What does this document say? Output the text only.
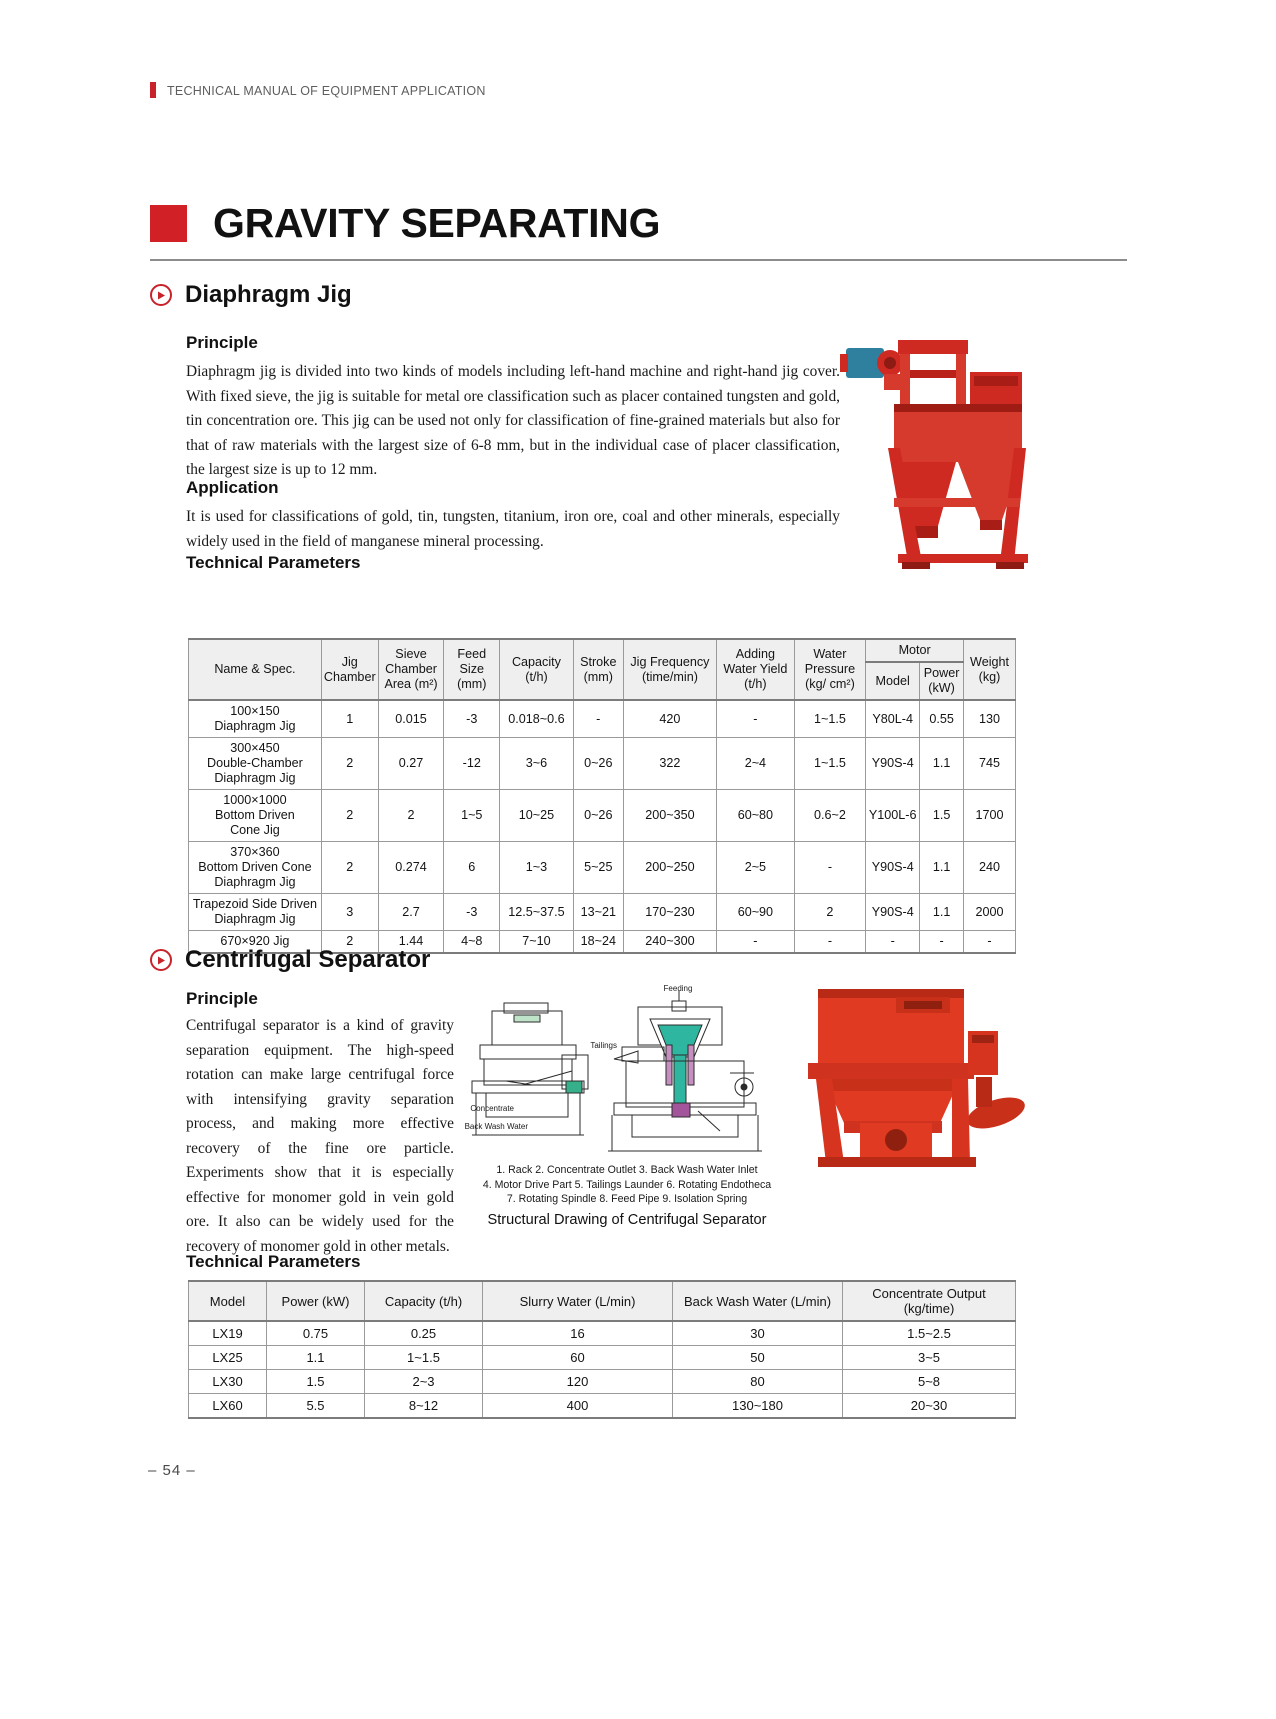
TECHNICAL MANUAL OF EQUIPMENT APPLICATION
GRAVITY SEPARATING
Diaphragm Jig
Principle
Diaphragm jig is divided into two kinds of models including left-hand machine and right-hand jig cover. With fixed sieve, the jig is suitable for metal ore classification such as placer contained tungsten and gold, tin concentration ore. This jig can be used not only for classification of fine-grained materials but also for that of raw materials with the largest size of 6-8 mm, but in the individual case of placer classification, the largest size is up to 12 mm.
Application
It is used for classifications of gold, tin, tungsten, titanium, iron ore, coal and other minerals, especially widely used in the field of manganese mineral processing.
Technical Parameters
Name & Spec.	Jig Chamber	Sieve Chamber Area (m²)	Feed Size (mm)	Capacity (t/h)	Stroke (mm)	Jig Frequency (time/min)	Adding Water Yield (t/h)	Water Pressure (kg/ cm²)	Motor		Weight (kg)
									Model	Power (kW)	
100×150
Diaphragm Jig	1	0.015	-3	0.018~0.6	-	420	-	1~1.5	Y80L-4	0.55	130
300×450
Double-Chamber
Diaphragm Jig	2	0.27	-12	3~6	0~26	322	2~4	1~1.5	Y90S-4	1.1	745
1000×1000
Bottom Driven
Cone Jig	2	2	1~5	10~25	0~26	200~350	60~80	0.6~2	Y100L-6	1.5	1700
370×360
Bottom Driven Cone
Diaphragm Jig	2	0.274	6	1~3	5~25	200~250	2~5	-	Y90S-4	1.1	240
Trapezoid Side Driven
Diaphragm Jig	3	2.7	-3	12.5~37.5	13~21	170~230	60~90	2	Y90S-4	1.1	2000
670×920 Jig	2	1.44	4~8	7~10	18~24	240~300	-	-	-	-	-
Centrifugal Separator
Principle
Centrifugal separator is a kind of gravity separation equipment. The high-speed rotation can make large centrifugal force with intensifying gravity separation process, and making more effective recovery of the fine ore particle. Experiments show that it is especially effective for monomer gold in vein gold ore. It also can be widely used for the recovery of monomer gold in other metals.
Feeding
Tailings
Concentrate
Back Wash Water
1. Rack 2. Concentrate Outlet 3. Back Wash Water Inlet
4. Motor Drive Part 5. Tailings Launder 6. Rotating Endotheca
7. Rotating Spindle 8. Feed Pipe 9. Isolation Spring
Structural Drawing of Centrifugal Separator
Technical Parameters
Model	Power (kW)	Capacity (t/h)	Slurry Water (L/min)	Back Wash Water (L/min)	Concentrate Output (kg/time)
LX19	0.75	0.25	16	30	1.5~2.5
LX25	1.1	1~1.5	60	50	3~5
LX30	1.5	2~3	120	80	5~8
LX60	5.5	8~12	400	130~180	20~30
– 54 –
